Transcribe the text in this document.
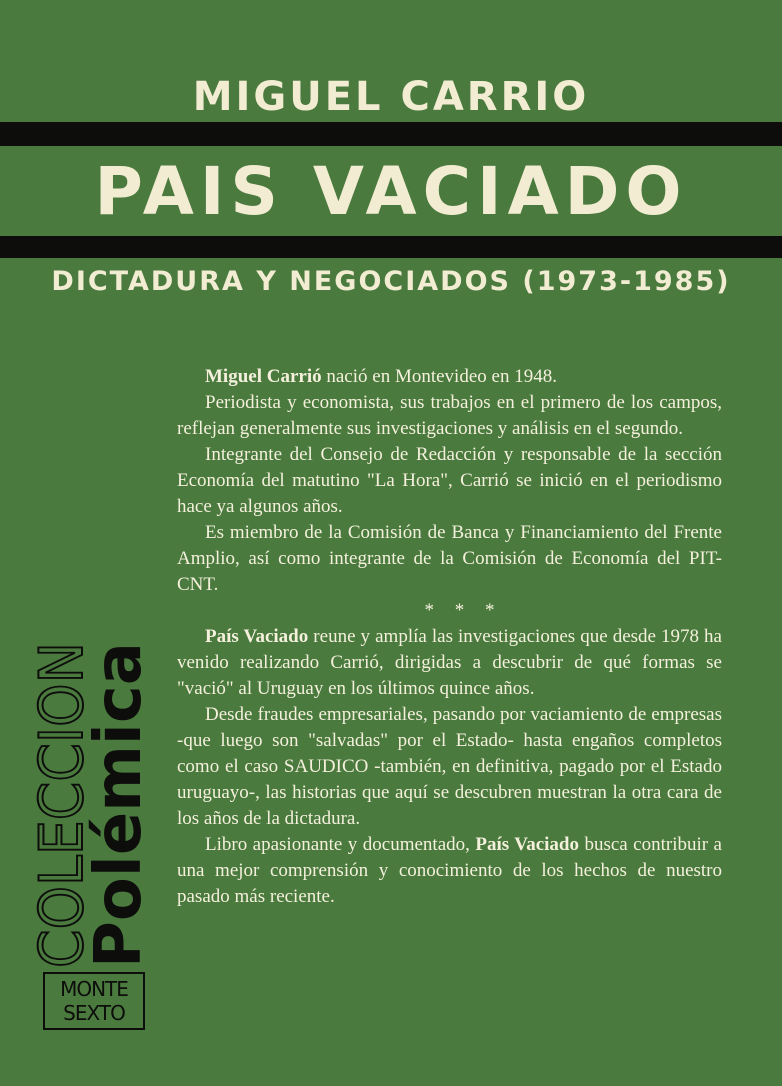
MIGUEL CARRIO
PAIS VACIADO
DICTADURA Y NEGOCIADOS (1973-1985)

Miguel Carrió nació en Montevideo en 1948.

Periodista y economista, sus trabajos en el primero de los campos, reflejan generalmente sus investigaciones y análisis en el segundo.

Integrante del Consejo de Redacción y responsable de la sección Economía del matutino "La Hora", Carrió se inició en el periodismo hace ya algunos años.

Es miembro de la Comisión de Banca y Financiamiento del Frente Amplio, así como integrante de la Comisión de Economía del PIT-CNT.

* * *

País Vaciado reune y amplía las investigaciones que desde 1978 ha venido realizando Carrió, dirigidas a descubrir de qué formas se "vació" al Uruguay en los últimos quince años.

Desde fraudes empresariales, pasando por vaciamiento de empresas -que luego son "salvadas" por el Estado- hasta engaños completos como el caso SAUDICO -también, en definitiva, pagado por el Estado uruguayo-, las historias que aquí se descubren muestran la otra cara de los años de la dictadura.

Libro apasionante y documentado, País Vaciado busca contribuir a una mejor comprensión y conocimiento de los hechos de nuestro pasado más reciente.

COLECCION
Polémica
MONTE
SEXTO
